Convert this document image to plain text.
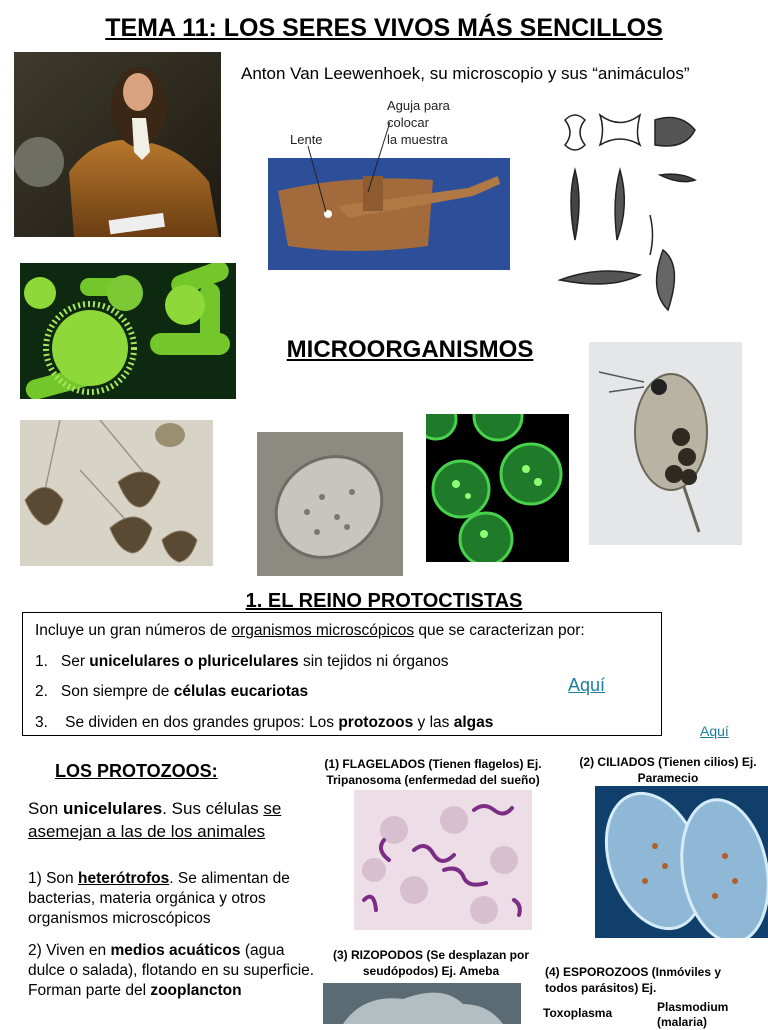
TEMA 11: LOS SERES VIVOS MÁS SENCILLOS
Anton Van Leewenhoek, su microscopio y sus “animáculos”
Lente
Aguja para
colocar
la muestra
MICROORGANISMOS
1. EL REINO PROTOCTISTAS
Incluye un gran números de organismos microscópicos que se caracterizan por:
1. Ser unicelulares o pluricelulares sin tejidos ni órganos
2. Son siempre de células eucariotas
3.    Se dividen en dos grandes grupos: Los protozoos y las algas
Aquí
Aquí
LOS PROTOZOOS:
Son unicelulares. Sus células se asemejan a las de los animales
1) Son heterótrofos. Se alimentan de bacterias, materia orgánica y otros organismos microscópicos
2) Viven en medios acuáticos (agua dulce o salada), flotando en su superficie. Forman parte del zooplancton
(1) FLAGELADOS (Tienen flagelos) Ej. Tripanosoma (enfermedad del sueño)
(2) CILIADOS (Tienen cilios) Ej. Paramecio
(3) RIZOPODOS (Se desplazan por seudópodos) Ej. Ameba	(4) ESPOROZOOS (Inmóviles y todos parásitos) Ej.
Toxoplasma	Plasmodium (malaria)
